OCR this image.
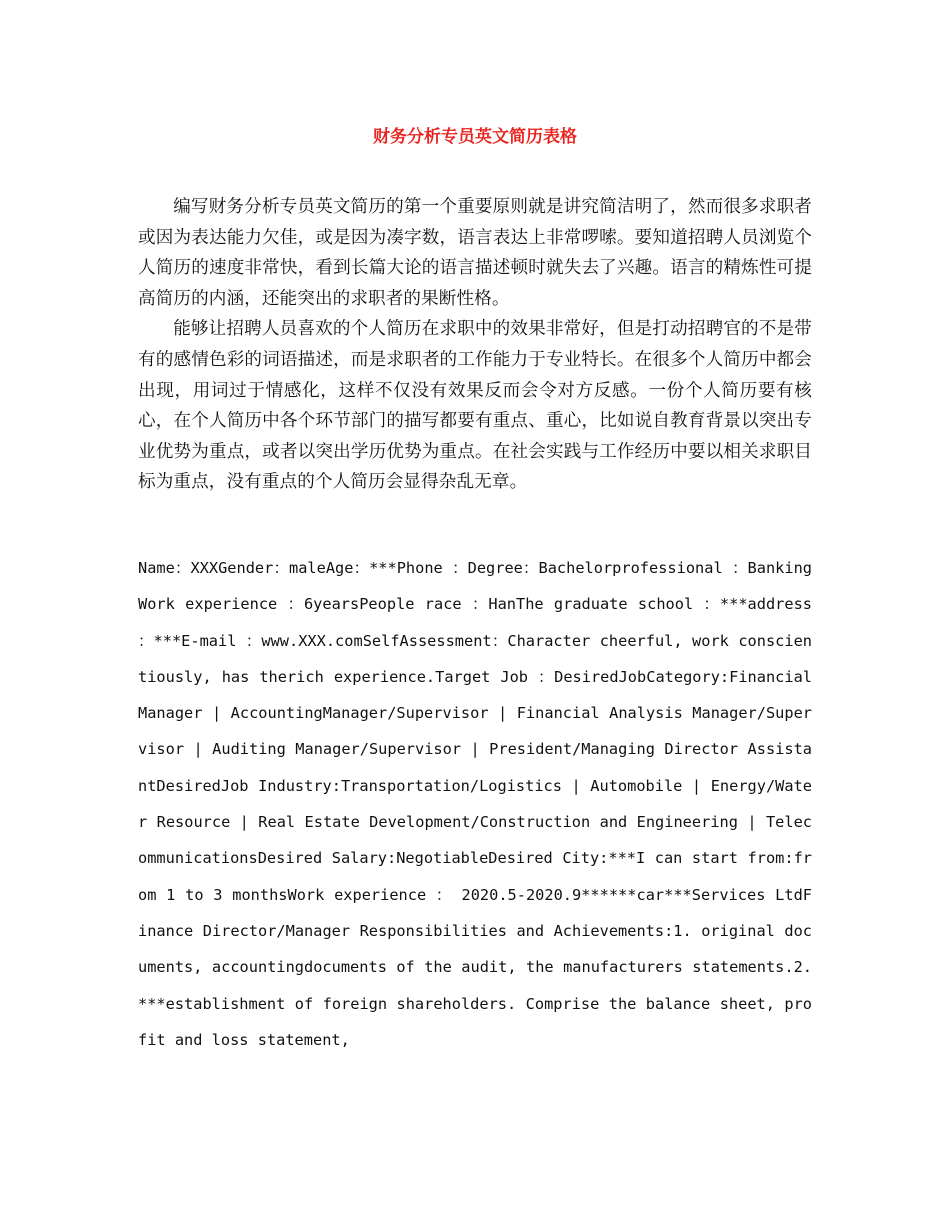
财务分析专员英文简历表格

编写财务分析专员英文简历的第一个重要原则就是讲究简洁明了，然而很多求职者或因为表达能力欠佳，或是因为凑字数，语言表达上非常啰嗦。要知道招聘人员浏览个人简历的速度非常快，看到长篇大论的语言描述顿时就失去了兴趣。语言的精炼性可提高简历的内涵，还能突出的求职者的果断性格。

能够让招聘人员喜欢的个人简历在求职中的效果非常好，但是打动招聘官的不是带有的感情色彩的词语描述，而是求职者的工作能力于专业特长。在很多个人简历中都会出现，用词过于情感化，这样不仅没有效果反而会令对方反感。一份个人简历要有核心，在个人简历中各个环节部门的描写都要有重点、重心，比如说自教育背景以突出专业优势为重点，或者以突出学历优势为重点。在社会实践与工作经历中要以相关求职目标为重点，没有重点的个人简历会显得杂乱无章。

Name：XXXGender：maleAge：***Phone ：Degree：Bachelorprofessional ：BankingWork experience ：6yearsPeople race ：HanThe graduate school ：***address ：***E-mail ：www.XXX.comSelfAssessment：Character cheerful, work conscientiously, has therich experience.Target Job ：DesiredJobCategory:Financial Manager | AccountingManager/Supervisor | Financial Analysis Manager/Supervisor | Auditing Manager/Supervisor | President/Managing Director AssistantDesiredJob Industry:Transportation/Logistics | Automobile | Energy/Water Resource | Real Estate Development/Construction and Engineering | TelecommunicationsDesired Salary:NegotiableDesired City:***I can start from:from 1 to 3 monthsWork experience ： 2020.5-2020.9******car***Services LtdFinance Director/Manager Responsibilities and Achievements:1. original documents, accountingdocuments of the audit, the manufacturers statements.2.***establishment of foreign shareholders. Comprise the balance sheet, profit and loss statement,
